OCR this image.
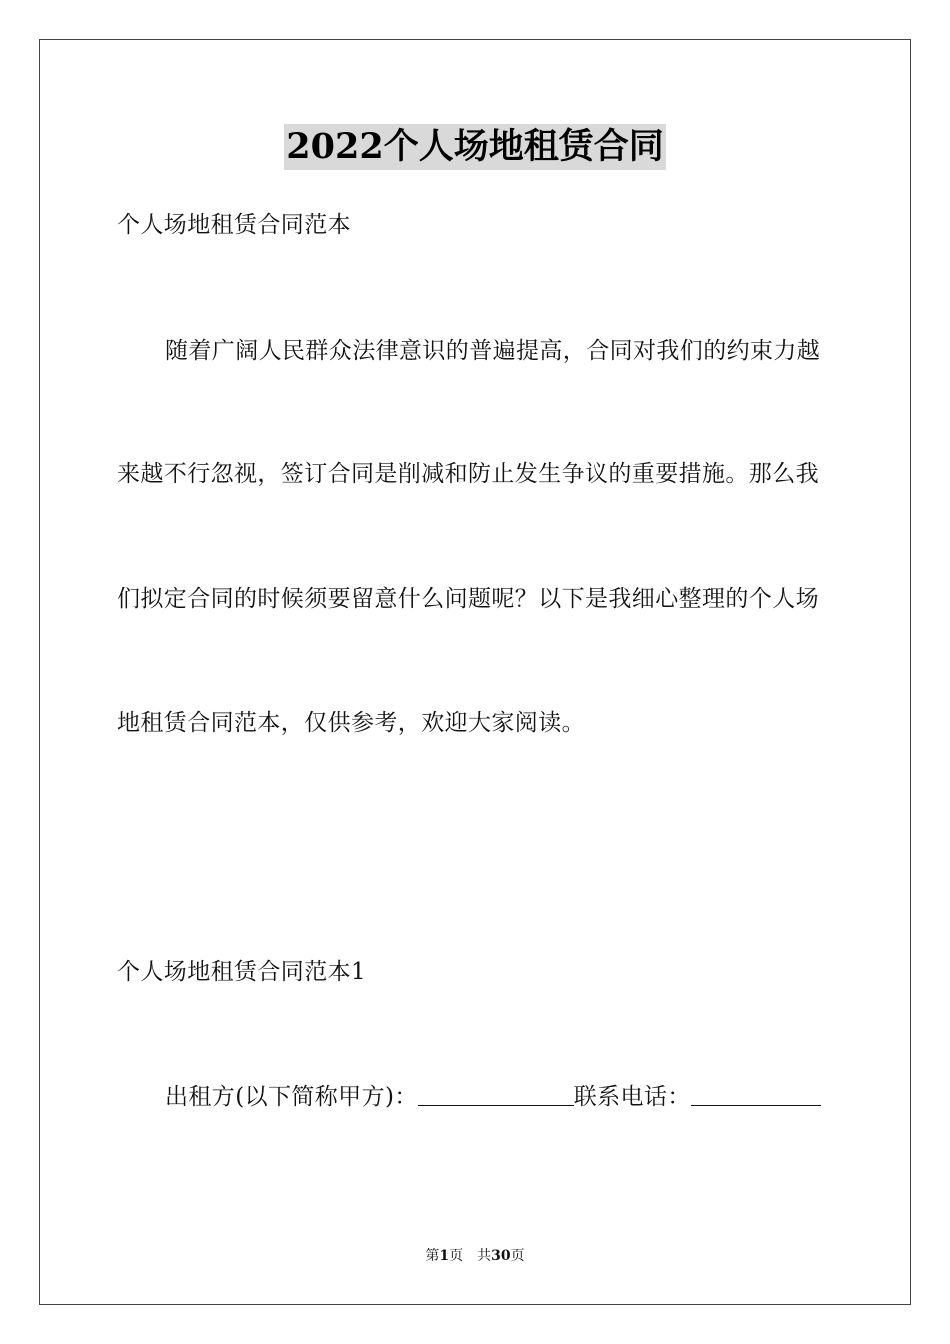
2022个人场地租赁合同
个人场地租赁合同范本
随着广阔人民群众法律意识的普遍提高，合同对我们的约束力越
来越不行忽视，签订合同是削减和防止发生争议的重要措施。那么我
们拟定合同的时候须要留意什么问题呢？以下是我细心整理的个人场
地租赁合同范本，仅供参考，欢迎大家阅读。
个人场地租赁合同范本1
出租方(以下简称甲方)：	联系电话：
第1页 共30页
